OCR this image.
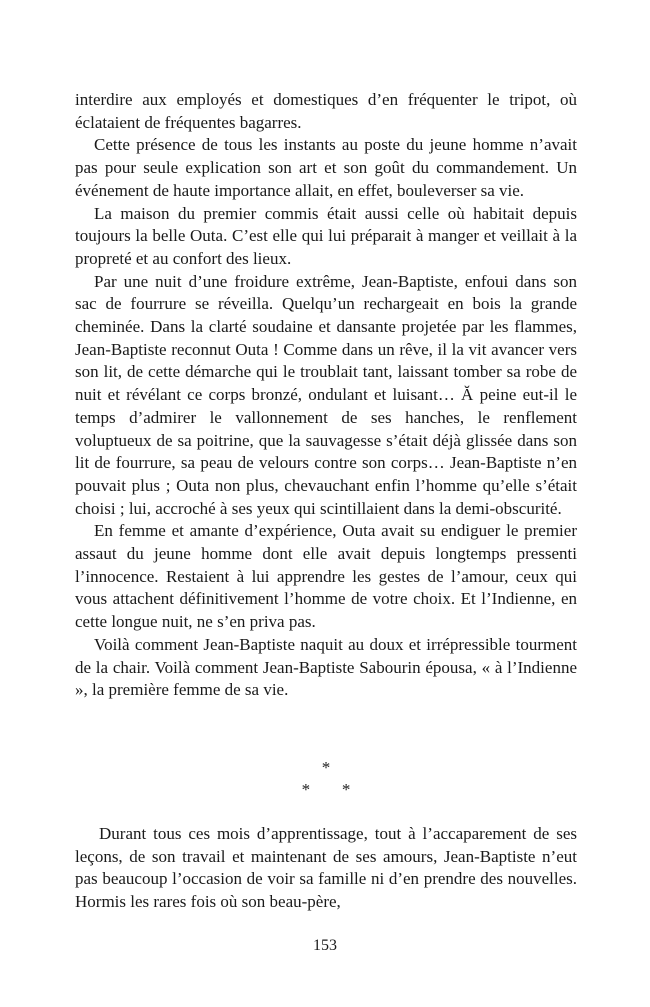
interdire aux employés et domestiques d’en fréquenter le tripot, où éclataient de fréquentes bagarres.

Cette présence de tous les instants au poste du jeune homme n’avait pas pour seule explication son art et son goût du commandement. Un événement de haute importance allait, en effet, bouleverser sa vie.

La maison du premier commis était aussi celle où habitait depuis toujours la belle Outa. C’est elle qui lui préparait à manger et veillait à la propreté et au confort des lieux.

Par une nuit d’une froidure extrême, Jean-Baptiste, enfoui dans son sac de fourrure se réveilla. Quelqu’un rechargeait en bois la grande cheminée. Dans la clarté soudaine et dansante projetée par les flammes, Jean-Baptiste reconnut Outa ! Comme dans un rêve, il la vit avancer vers son lit, de cette démarche qui le troublait tant, laissant tomber sa robe de nuit et révélant ce corps bronzé, ondulant et luisant… Ă peine eut-il le temps d’admirer le vallonnement de ses hanches, le renflement voluptueux de sa poitrine, que la sauvagesse s’était déjà glissée dans son lit de fourrure, sa peau de velours contre son corps… Jean-Baptiste n’en pouvait plus ; Outa non plus, chevauchant enfin l’homme qu’elle s’était choisi ; lui, accroché à ses yeux qui scintillaient dans la demi-obscurité.

En femme et amante d’expérience, Outa avait su endiguer le premier assaut du jeune homme dont elle avait depuis longtemps pressenti l’innocence. Restaient à lui apprendre les gestes de l’amour, ceux qui vous attachent définitivement l’homme de votre choix. Et l’Indienne, en cette longue nuit, ne s’en priva pas.

Voilà comment Jean-Baptiste naquit au doux et irrépressible tourment de la chair. Voilà comment Jean-Baptiste Sabourin épousa, « à l’Indienne », la première femme de sa vie.

*
* *

Durant tous ces mois d’apprentissage, tout à l’accaparement de ses leçons, de son travail et maintenant de ses amours, Jean-Baptiste n’eut pas beaucoup l’occasion de voir sa famille ni d’en prendre des nouvelles. Hormis les rares fois où son beau-père,

153
